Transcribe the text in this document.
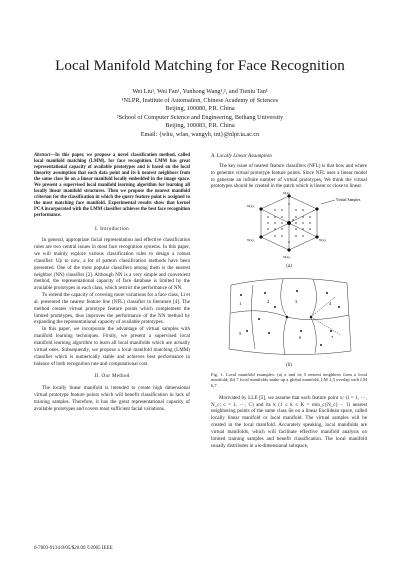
Local Manifold Matching for Face Recognition
Wei Liu¹, Wei Fan¹, Yunhong Wang¹,², and Tieniu Tan¹
¹NLPR, Institute of Automation, Chinese Academy of Sciences
Beijing, 100080, P.R. China
²School of Computer Science and Engineering, Beihang University
Beijing, 100083, P.R. China
Email: {wliu, wfan, wangyh, tnt}@nlpr.ia.ac.cn
Abstract—In this paper, we propose a novel classification method, called local manifold matching (LMM), for face recognition. LMM has great representational capacity of available prototypes and is based on the local linearity assumption that each data point and its k nearest neighbors from the same class lie on a linear manifold locally embedded in the image space. We present a supervised local manifold learning algorithm for learning all locally linear manifold structures. Then we propose the nearest manifold criterion for the classification in which the query feature point is assigned to the most matching face manifold. Experimental results show that kernel PCA incorporated with the LMM classifier achieves the best face recognition performance.
I. Introduction

In general, appropriate facial representation and effective classification rules are two central issues in most face recognition systems. In this paper, we will mainly explore various classification rules to design a robust classifier. Up to now, a lot of pattern classification methods have been presented. One of the most popular classifiers among them is the nearest neighbor (NN) classifier [2]. Although NN is a very simple and convenient method, the representational capacity of face database is limited by the available prototypes in each class, which restrict the performance of NN.

To extend the capacity of covering more variations for a face class, Li et al. presented the nearest feature line (NFL) classifier in literature [4]. The method creates virtual prototype feature points which complement the limited prototypes, thus improves the performance of the NN method by expanding the representational capacity of available prototypes.

In this paper, we incorporate the advantage of virtual samples with manifold learning techniques. Firstly, we present a supervised local manifold learning algorithm to learn all local manifolds which are actually virtual ones. Subsequently, we propose a local manifold matching (LMM) classifier which is numerically stable and achieves best performance in balance of both recognition rate and computational cost.

II. Our Method

The locally linear manifold is intended to create high dimensional virtual prototype feature points which will benefit classification in lack of training samples. Therefore, it has the great representational capacity of available prototypes and covers most sufficient facial variations.

A. Locally Linear Assumption

The key issue of nearest feature classifiers (NFL) is that how and where to generate virtual prototype feature points. Since NFL uses a linear model to generate an infinite number of virtual prototypes, We think the virtual prototypes should be created in the patch which is linear or close to linear.

a
Virtual Samples
N(a)₁
N(a)₂
N(a)₃
N(a)₄
N(a)₅
(a)
1	2	3	4
5
6	7
(b)
Fig. 1. Local manifold examples: (a) a and its 5 nearest neighbors form a local manifold; (b) 7 local manifolds make up a global manifold, LM 2,3 overlap with LM 6,7.

Motivated by LLE [5], we assume that each feature point xᵢᶜ (i = 1, ···, N_c; c = 1, ···, C) and its k (1 ≤ k ≤ K = min_c{N_c} − 1) nearest neighboring points of the same class lie on a linear Euclidean space, called locally linear manifold or local manifold. The virtual samples will be created in the local manifold. Accurately speaking, local manifolds are virtual manifolds, which will facilitate effective manifold analysis on limited training samples and benefit classification. The local manifold usually distributes in a k-dimensional subspace,

0-7803-9134-9/05/$20.00 ©2005 IEEE
